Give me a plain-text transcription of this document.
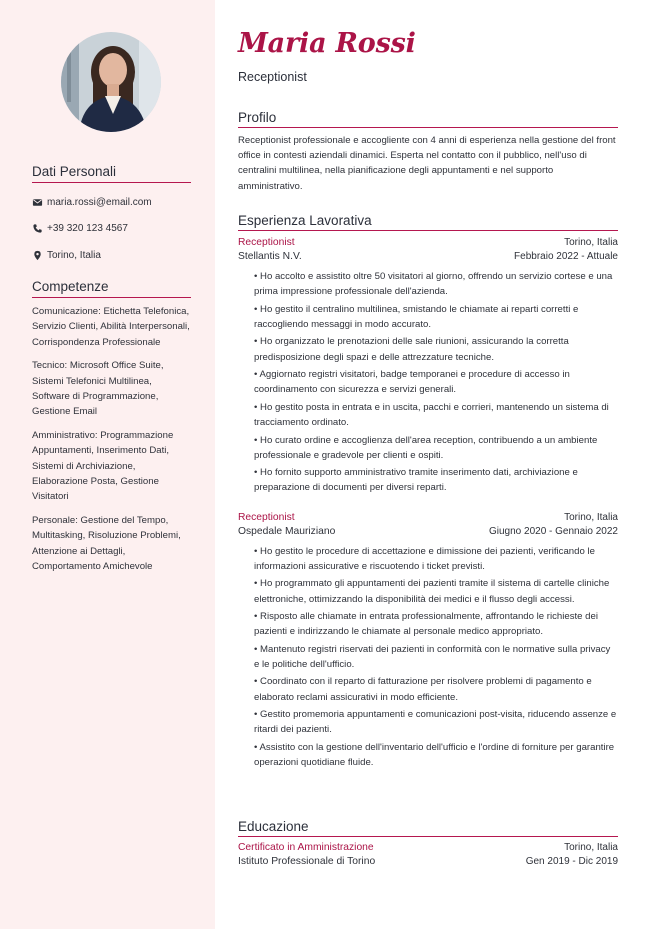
Dati Personali
maria.rossi@email.com
+39 320 123 4567
Torino, Italia
Competenze
Comunicazione: Etichetta Telefonica, Servizio Clienti, Abilità Interpersonali, Corrispondenza Professionale
Tecnico: Microsoft Office Suite, Sistemi Telefonici Multilinea, Software di Programmazione, Gestione Email
Amministrativo: Programmazione Appuntamenti, Inserimento Dati, Sistemi di Archiviazione, Elaborazione Posta, Gestione Visitatori
Personale: Gestione del Tempo, Multitasking, Risoluzione Problemi, Attenzione ai Dettagli, Comportamento Amichevole
Maria Rossi
Receptionist
Profilo
Receptionist professionale e accogliente con 4 anni di esperienza nella gestione del front office in contesti aziendali dinamici. Esperta nel contatto con il pubblico, nell'uso di centralini multilinea, nella pianificazione degli appuntamenti e nel supporto amministrativo.
Esperienza Lavorativa
Receptionist	Torino, Italia
Stellantis N.V.	Febbraio 2022 - Attuale
• Ho accolto e assistito oltre 50 visitatori al giorno, offrendo un servizio cortese e una prima impressione professionale dell'azienda.
• Ho gestito il centralino multilinea, smistando le chiamate ai reparti corretti e raccogliendo messaggi in modo accurato.
• Ho organizzato le prenotazioni delle sale riunioni, assicurando la corretta predisposizione degli spazi e delle attrezzature tecniche.
• Aggiornato registri visitatori, badge temporanei e procedure di accesso in coordinamento con sicurezza e servizi generali.
• Ho gestito posta in entrata e in uscita, pacchi e corrieri, mantenendo un sistema di tracciamento ordinato.
• Ho curato ordine e accoglienza dell'area reception, contribuendo a un ambiente professionale e gradevole per clienti e ospiti.
• Ho fornito supporto amministrativo tramite inserimento dati, archiviazione e preparazione di documenti per diversi reparti.
Receptionist	Torino, Italia
Ospedale Mauriziano	Giugno 2020 - Gennaio 2022
• Ho gestito le procedure di accettazione e dimissione dei pazienti, verificando le informazioni assicurative e riscuotendo i ticket previsti.
• Ho programmato gli appuntamenti dei pazienti tramite il sistema di cartelle cliniche elettroniche, ottimizzando la disponibilità dei medici e il flusso degli accessi.
• Risposto alle chiamate in entrata professionalmente, affrontando le richieste dei pazienti e indirizzando le chiamate al personale medico appropriato.
• Mantenuto registri riservati dei pazienti in conformità con le normative sulla privacy e le politiche dell'ufficio.
• Coordinato con il reparto di fatturazione per risolvere problemi di pagamento e elaborato reclami assicurativi in modo efficiente.
• Gestito promemoria appuntamenti e comunicazioni post-visita, riducendo assenze e ritardi dei pazienti.
• Assistito con la gestione dell'inventario dell'ufficio e l'ordine di forniture per garantire operazioni quotidiane fluide.
Educazione
Certificato in Amministrazione	Torino, Italia
Istituto Professionale di Torino	Gen 2019 - Dic 2019
